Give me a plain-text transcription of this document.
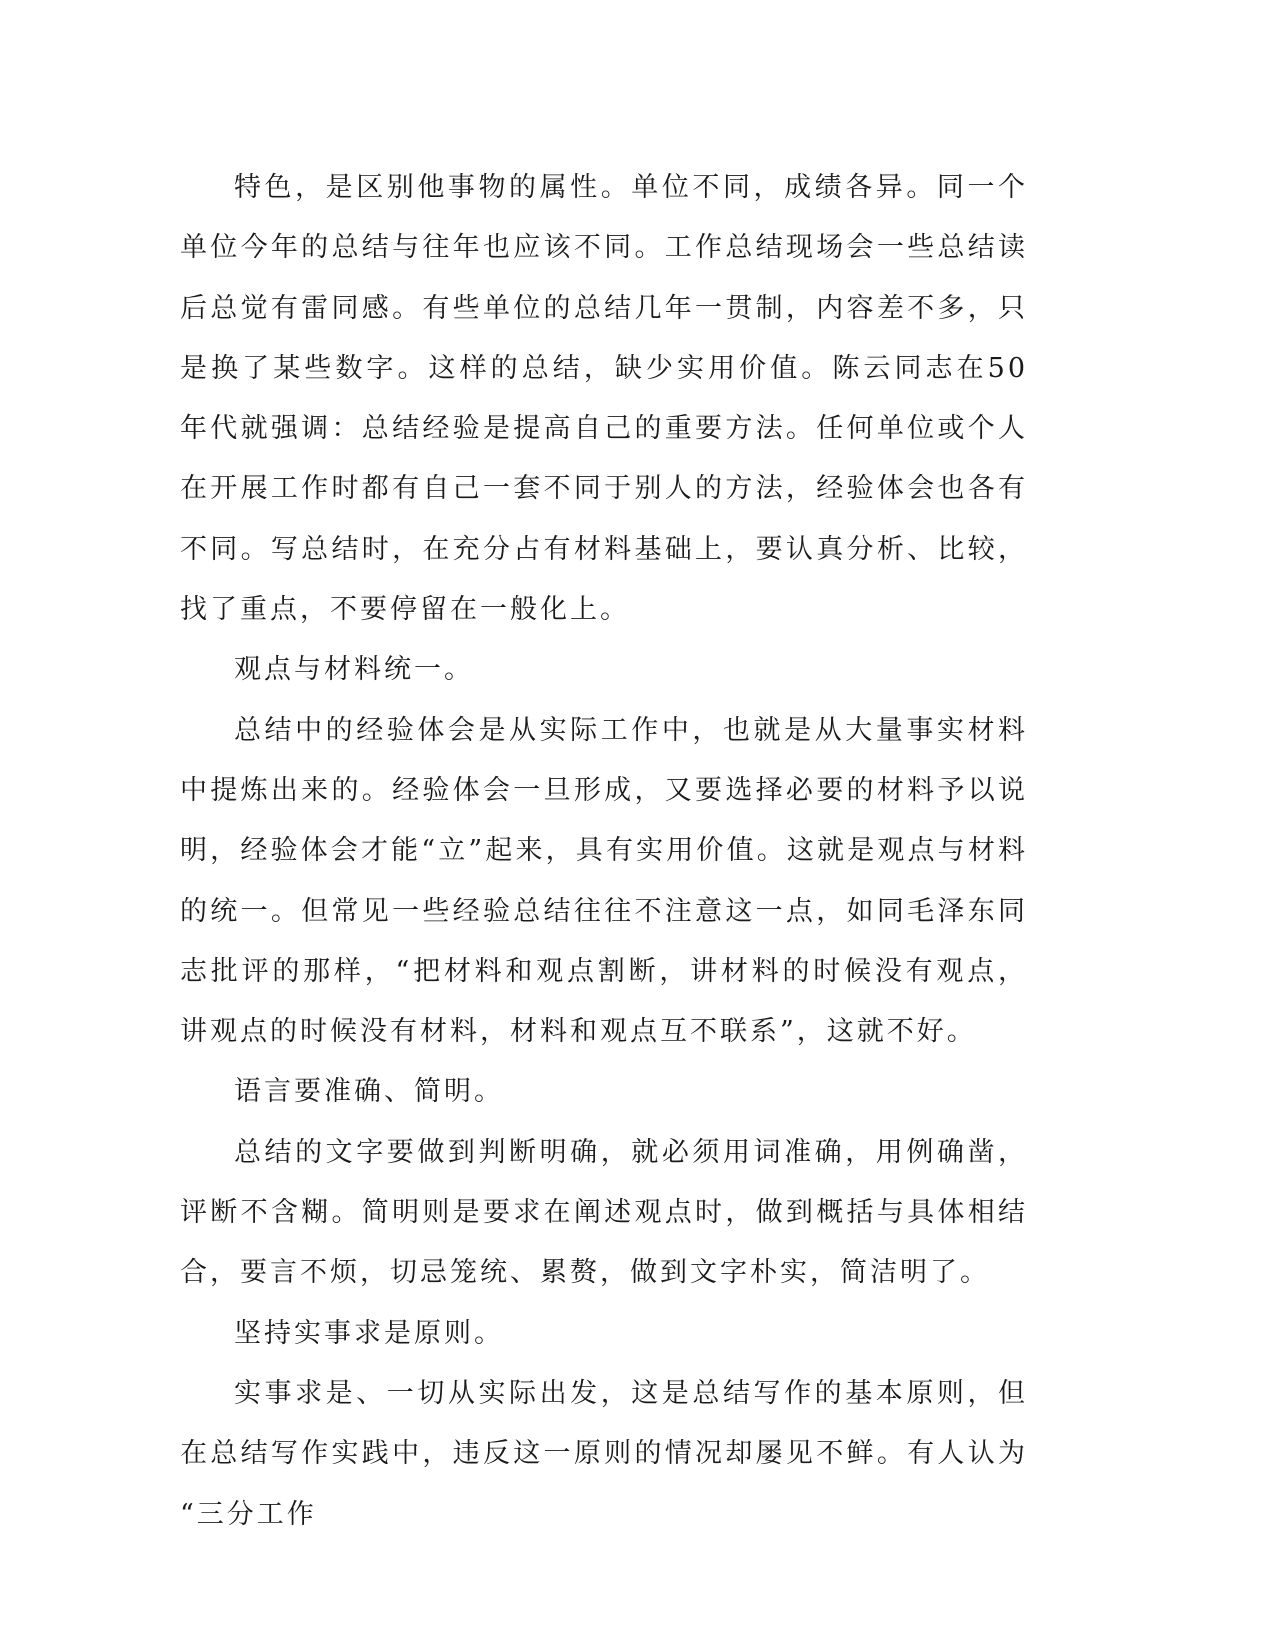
特色，是区别他事物的属性。单位不同，成绩各异。同一个单位今年的总结与往年也应该不同。工作总结现场会一些总结读后总觉有雷同感。有些单位的总结几年一贯制，内容差不多，只是换了某些数字。这样的总结，缺少实用价值。陈云同志在50年代就强调：总结经验是提高自己的重要方法。任何单位或个人在开展工作时都有自己一套不同于别人的方法，经验体会也各有不同。写总结时，在充分占有材料基础上，要认真分析、比较，找了重点，不要停留在一般化上。

观点与材料统一。

总结中的经验体会是从实际工作中，也就是从大量事实材料中提炼出来的。经验体会一旦形成，又要选择必要的材料予以说明，经验体会才能“立”起来，具有实用价值。这就是观点与材料的统一。但常见一些经验总结往往不注意这一点，如同毛泽东同志批评的那样，“把材料和观点割断，讲材料的时候没有观点，讲观点的时候没有材料，材料和观点互不联系”，这就不好。

语言要准确、简明。

总结的文字要做到判断明确，就必须用词准确，用例确凿，评断不含糊。简明则是要求在阐述观点时，做到概括与具体相结合，要言不烦，切忌笼统、累赘，做到文字朴实，简洁明了。

坚持实事求是原则。

实事求是、一切从实际出发，这是总结写作的基本原则，但在总结写作实践中，违反这一原则的情况却屡见不鲜。有人认为“三分工作
